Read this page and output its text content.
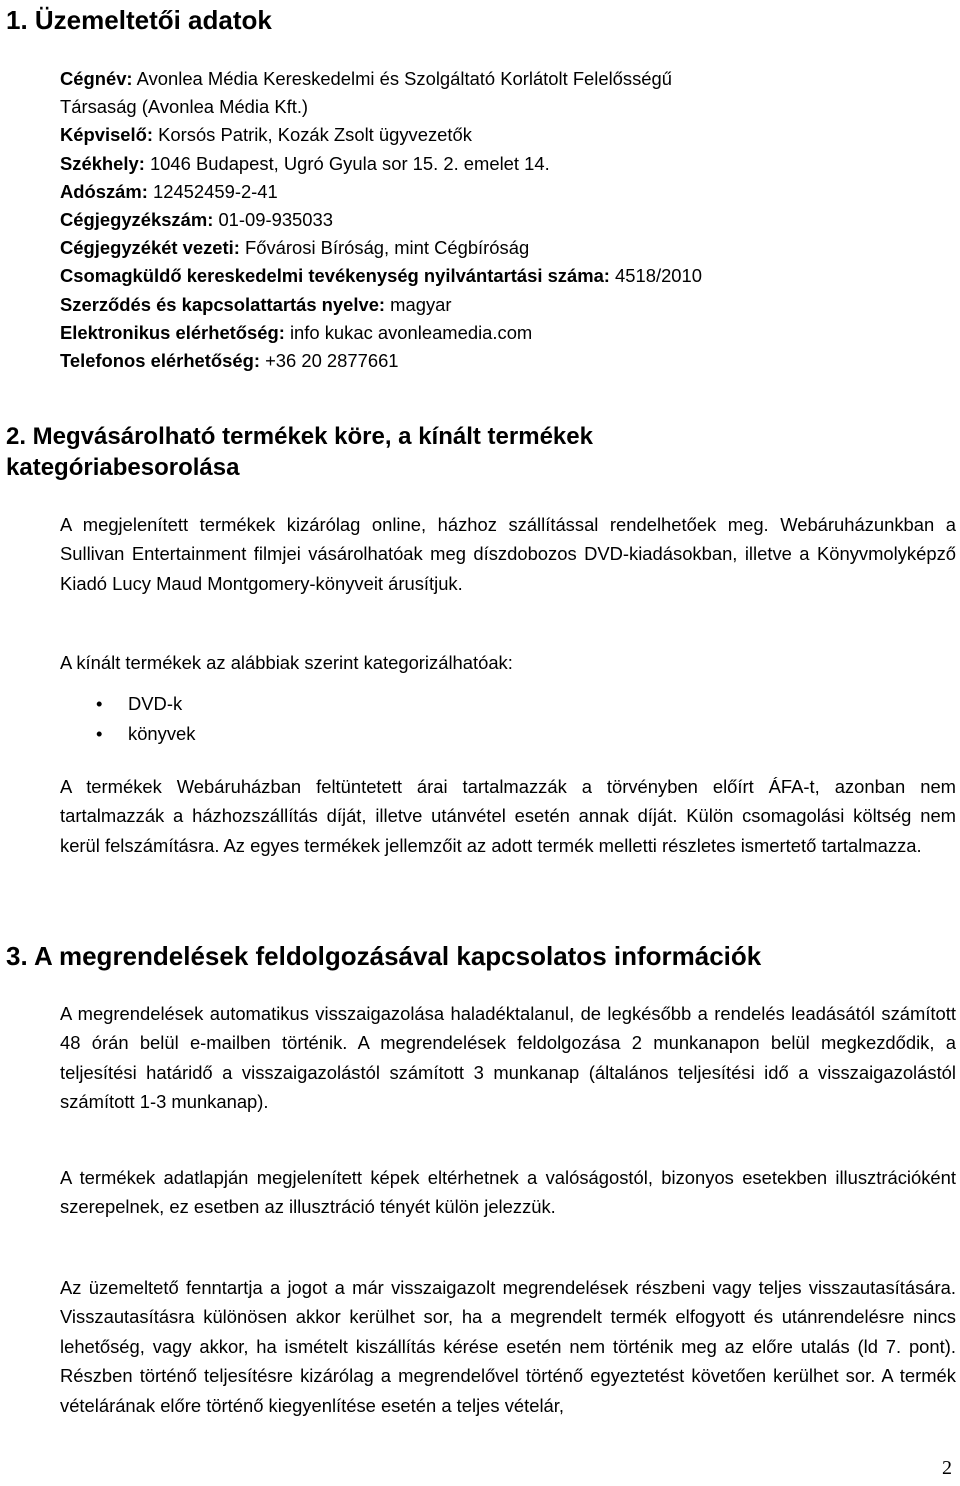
1. Üzemeltetői adatok
Cégnév: Avonlea Média Kereskedelmi és Szolgáltató Korlátolt Felelősségű
Társaság (Avonlea Média Kft.)
Képviselő: Korsós Patrik, Kozák Zsolt ügyvezetők
Székhely: 1046 Budapest, Ugró Gyula sor 15. 2. emelet 14.
Adószám: 12452459-2-41
Cégjegyzékszám: 01-09-935033
Cégjegyzékét vezeti: Fővárosi Bíróság, mint Cégbíróság
Csomagküldő kereskedelmi tevékenység nyilvántartási száma: 4518/2010
Szerződés és kapcsolattartás nyelve: magyar
Elektronikus elérhetőség: info kukac avonleamedia.com
Telefonos elérhetőség: +36 20 2877661
2. Megvásárolható termékek köre, a kínált termékek
kategóriabesorolása

A megjelenített termékek kizárólag online, házhoz szállítással rendelhetőek meg. Webáruházunkban a Sullivan Entertainment filmjei vásárolhatóak meg díszdobozos DVD-kiadásokban, illetve a Könyvmolyképző Kiadó Lucy Maud Montgomery-könyveit árusítjuk.

A kínált termékek az alábbiak szerint kategorizálhatóak:

• DVD-k
• könyvek

A termékek Webáruházban feltüntetett árai tartalmazzák a törvényben előírt ÁFA-t, azonban nem tartalmazzák a házhozszállítás díját, illetve utánvétel esetén annak díját. Külön csomagolási költség nem kerül felszámításra. Az egyes termékek jellemzőit az adott termék melletti részletes ismertető tartalmazza.

3. A megrendelések feldolgozásával kapcsolatos információk

A megrendelések automatikus visszaigazolása haladéktalanul, de legkésőbb a rendelés leadásától számított 48 órán belül e-mailben történik. A megrendelések feldolgozása 2 munkanapon belül megkezdődik, a teljesítési határidő a visszaigazolástól számított 3 munkanap (általános teljesítési idő a visszaigazolástól számított 1-3 munkanap).

A termékek adatlapján megjelenített képek eltérhetnek a valóságostól, bizonyos esetekben illusztrációként szerepelnek, ez esetben az illusztráció tényét külön jelezzük.

Az üzemeltető fenntartja a jogot a már visszaigazolt megrendelések részbeni vagy teljes visszautasítására. Visszautasításra különösen akkor kerülhet sor, ha a megrendelt termék elfogyott és utánrendelésre nincs lehetőség, vagy akkor, ha ismételt kiszállítás kérése esetén nem történik meg az előre utalás (ld 7. pont). Részben történő teljesítésre kizárólag a megrendelővel történő egyeztetést követően kerülhet sor. A termék vételárának előre történő kiegyenlítése esetén a teljes vételár,

2
